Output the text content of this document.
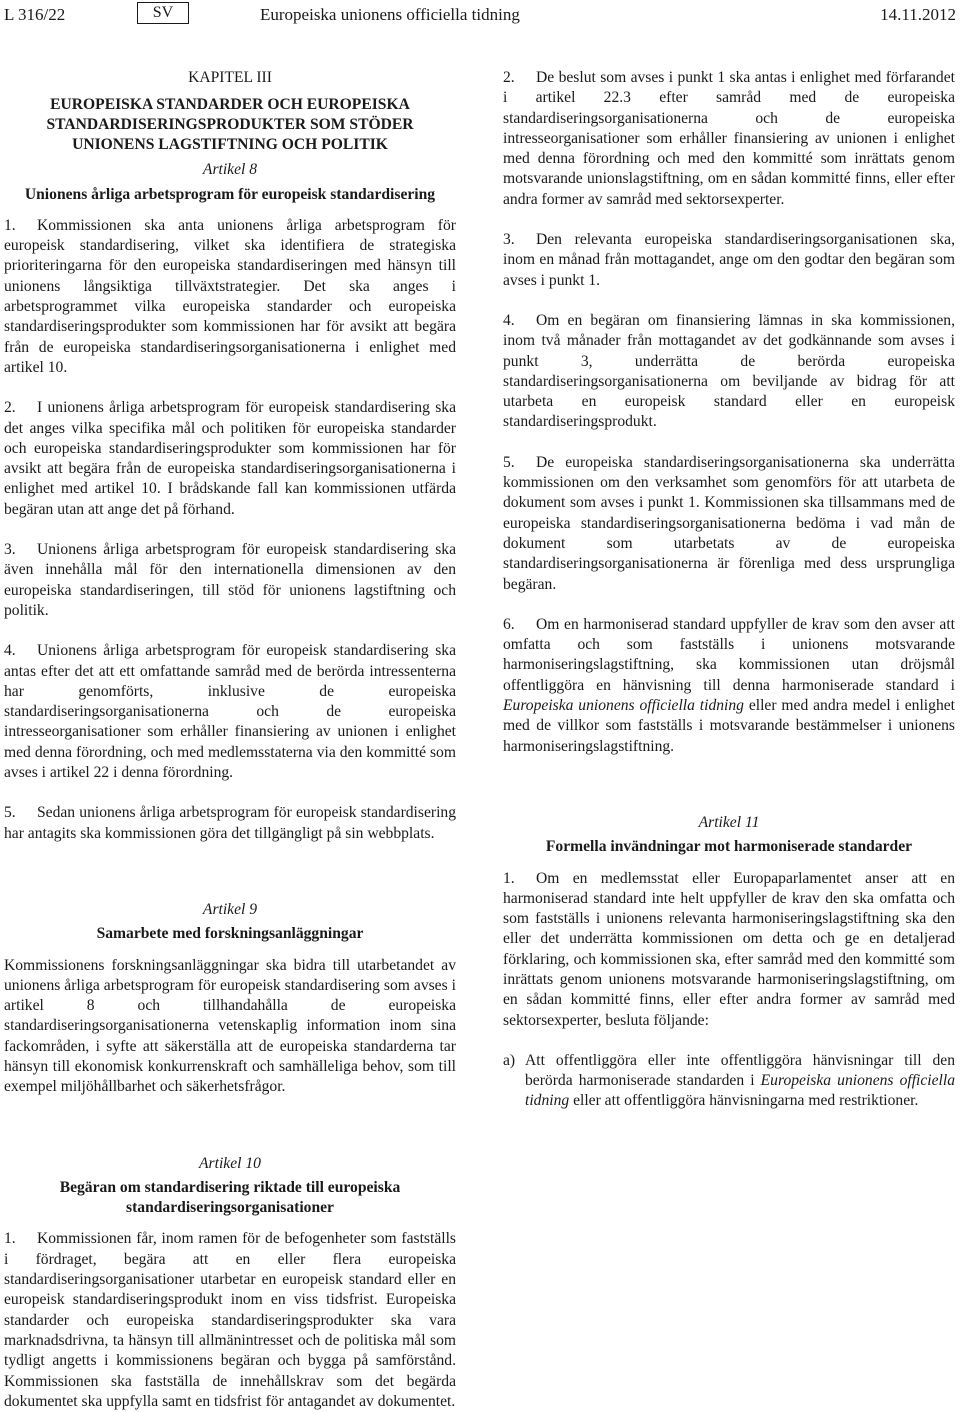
L 316/22	SV	Europeiska unionens officiella tidning	14.11.2012

KAPITEL III

EUROPEISKA STANDARDER OCH EUROPEISKA STANDARDISERINGSPRODUKTER SOM STÖDER UNIONENS LAGSTIFTNING OCH POLITIK

Artikel 8

Unionens årliga arbetsprogram för europeisk standardisering

1. Kommissionen ska anta unionens årliga arbetsprogram för europeisk standardisering, vilket ska identifiera de strategiska prioriteringarna för den europeiska standardiseringen med hänsyn till unionens långsiktiga tillväxtstrategier. Det ska anges i arbetsprogrammet vilka europeiska standarder och europeiska standardiseringsprodukter som kommissionen har för avsikt att begära från de europeiska standardiseringsorganisationerna i enlighet med artikel 10.

2. I unionens årliga arbetsprogram för europeisk standardisering ska det anges vilka specifika mål och politiken för europeiska standarder och europeiska standardiseringsprodukter som kommissionen har för avsikt att begära från de europeiska standardiseringsorganisationerna i enlighet med artikel 10. I brådskande fall kan kommissionen utfärda begäran utan att ange det på förhand.

3. Unionens årliga arbetsprogram för europeisk standardisering ska även innehålla mål för den internationella dimensionen av den europeiska standardiseringen, till stöd för unionens lagstiftning och politik.

4. Unionens årliga arbetsprogram för europeisk standardisering ska antas efter det att ett omfattande samråd med de berörda intressenterna har genomförts, inklusive de europeiska standardiseringsorganisationerna och de europeiska intresseorganisationer som erhåller finansiering av unionen i enlighet med denna förordning, och med medlemsstaterna via den kommitté som avses i artikel 22 i denna förordning.

5. Sedan unionens årliga arbetsprogram för europeisk standardisering har antagits ska kommissionen göra det tillgängligt på sin webbplats.

Artikel 9

Samarbete med forskningsanläggningar

Kommissionens forskningsanläggningar ska bidra till utarbetandet av unionens årliga arbetsprogram för europeisk standardisering som avses i artikel 8 och tillhandahålla de europeiska standardiseringsorganisationerna vetenskaplig information inom sina fackområden, i syfte att säkerställa att de europeiska standarderna tar hänsyn till ekonomisk konkurrenskraft och samhälleliga behov, som till exempel miljöhållbarhet och säkerhetsfrågor.

Artikel 10

Begäran om standardisering riktade till europeiska standardiseringsorganisationer

1. Kommissionen får, inom ramen för de befogenheter som fastställs i fördraget, begära att en eller flera europeiska standardiseringsorganisationer utarbetar en europeisk standard eller en europeisk standardiseringsprodukt inom en viss tidsfrist. Europeiska standarder och europeiska standardiseringsprodukter ska vara marknadsdrivna, ta hänsyn till allmänintresset och de politiska mål som tydligt angetts i kommissionens begäran och bygga på samförstånd. Kommissionen ska fastställa de innehållskrav som det begärda dokumentet ska uppfylla samt en tidsfrist för antagandet av dokumentet.

2. De beslut som avses i punkt 1 ska antas i enlighet med förfarandet i artikel 22.3 efter samråd med de europeiska standardiseringsorganisationerna och de europeiska intresseorganisationer som erhåller finansiering av unionen i enlighet med denna förordning och med den kommitté som inrättats genom motsvarande unionslagstiftning, om en sådan kommitté finns, eller efter andra former av samråd med sektorsexperter.

3. Den relevanta europeiska standardiseringsorganisationen ska, inom en månad från mottagandet, ange om den godtar den begäran som avses i punkt 1.

4. Om en begäran om finansiering lämnas in ska kommissionen, inom två månader från mottagandet av det godkännande som avses i punkt 3, underrätta de berörda europeiska standardiseringsorganisationerna om beviljande av bidrag för att utarbeta en europeisk standard eller en europeisk standardiseringsprodukt.

5. De europeiska standardiseringsorganisationerna ska underrätta kommissionen om den verksamhet som genomförs för att utarbeta de dokument som avses i punkt 1. Kommissionen ska tillsammans med de europeiska standardiseringsorganisationerna bedöma i vad mån de dokument som utarbetats av de europeiska standardiseringsorganisationerna är förenliga med dess ursprungliga begäran.

6. Om en harmoniserad standard uppfyller de krav som den avser att omfatta och som fastställs i unionens motsvarande harmoniseringslagstiftning, ska kommissionen utan dröjsmål offentliggöra en hänvisning till denna harmoniserade standard i Europeiska unionens officiella tidning eller med andra medel i enlighet med de villkor som fastställs i motsvarande bestämmelser i unionens harmoniseringslagstiftning.

Artikel 11

Formella invändningar mot harmoniserade standarder

1. Om en medlemsstat eller Europaparlamentet anser att en harmoniserad standard inte helt uppfyller de krav den ska omfatta och som fastställs i unionens relevanta harmoniseringslagstiftning ska den eller det underrätta kommissionen om detta och ge en detaljerad förklaring, och kommissionen ska, efter samråd med den kommitté som inrättats genom unionens motsvarande harmoniseringslagstiftning, om en sådan kommitté finns, eller efter andra former av samråd med sektorsexperter, besluta följande:

a) Att offentliggöra eller inte offentliggöra hänvisningar till den berörda harmoniserade standarden i Europeiska unionens officiella tidning eller att offentliggöra hänvisningarna med restriktioner.
